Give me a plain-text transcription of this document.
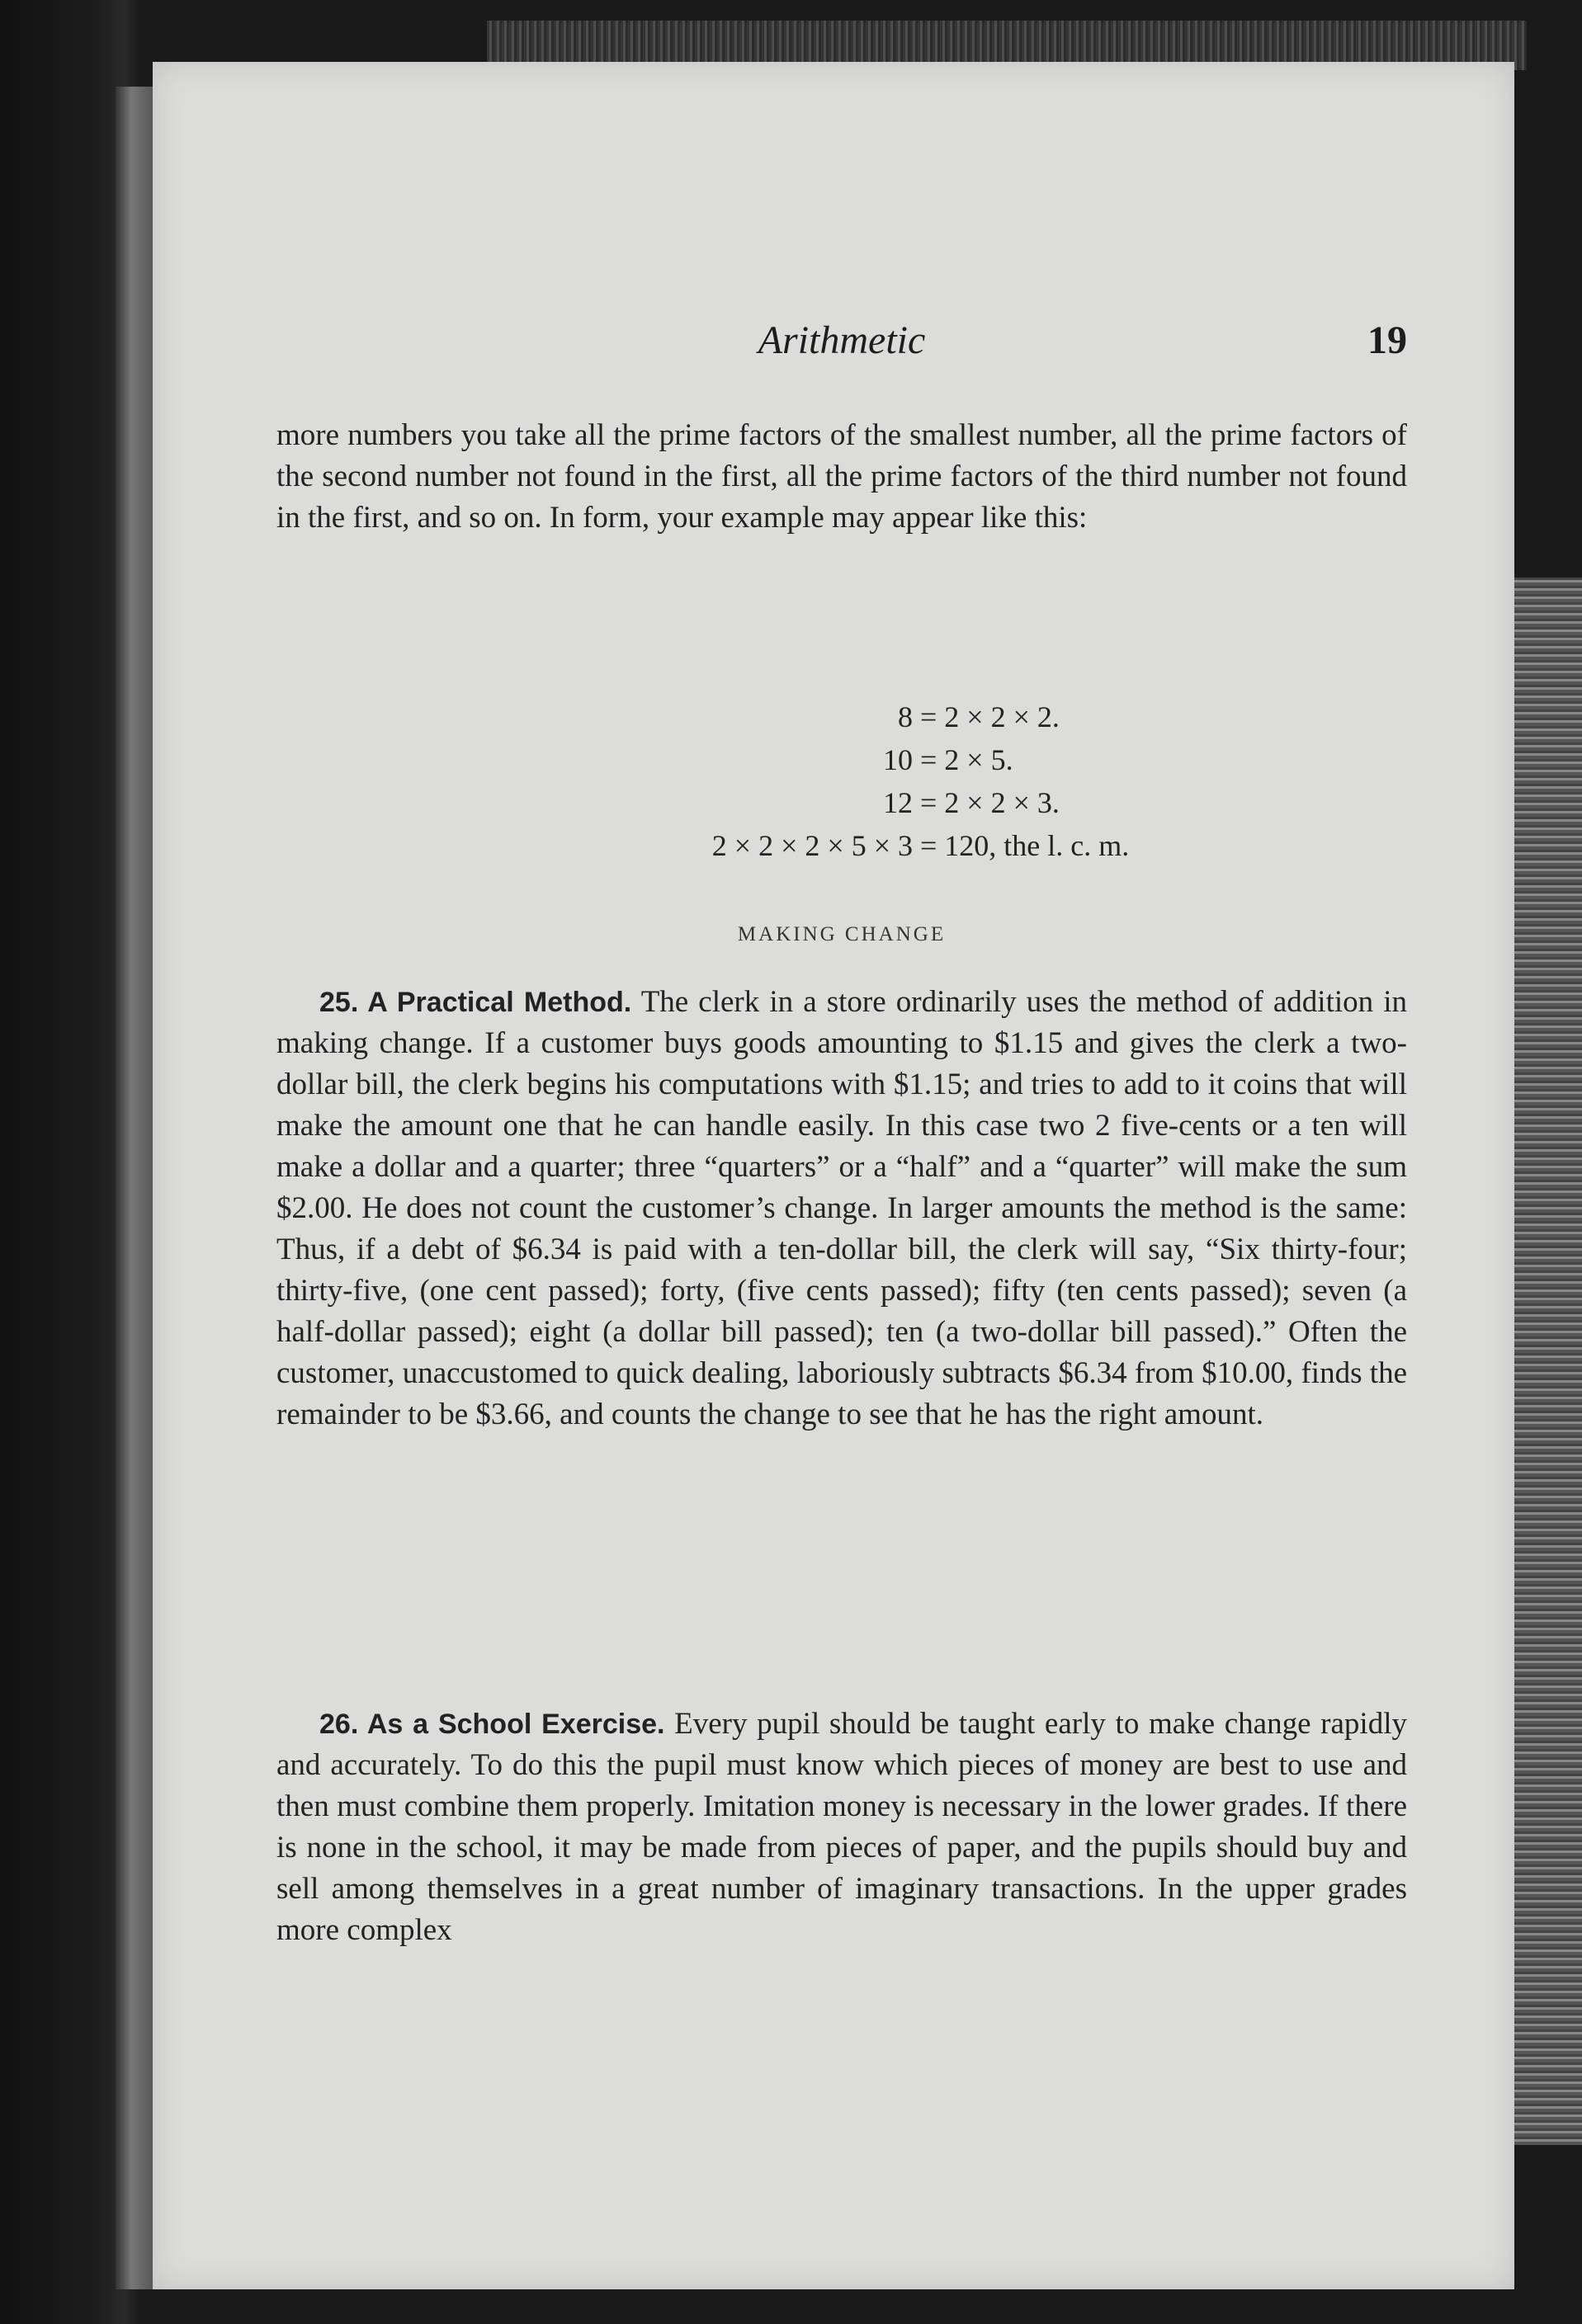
Arithmetic	19
more numbers you take all the prime factors of the smallest number, all the prime factors of the second number not found in the first, all the prime factors of the third number not found in the first, and so on. In form, your example may appear like this:
8 = 2 × 2 × 2.
10 = 2 × 5.
12 = 2 × 2 × 3.
2 × 2 × 2 × 5 × 3 = 120, the l. c. m.
MAKING CHANGE
25. A Practical Method. The clerk in a store ordinarily uses the method of addition in making change. If a customer buys goods amounting to $1.15 and gives the clerk a two-dollar bill, the clerk begins his computations with $1.15; and tries to add to it coins that will make the amount one that he can handle easily. In this case two 2 five-cents or a ten will make a dollar and a quarter; three “quarters” or a “half” and a “quarter” will make the sum $2.00. He does not count the customer’s change. In larger amounts the method is the same: Thus, if a debt of $6.34 is paid with a ten-dollar bill, the clerk will say, “Six thirty-four; thirty-five, (one cent passed); forty, (five cents passed); fifty (ten cents passed); seven (a half-dollar passed); eight (a dollar bill passed); ten (a two-dollar bill passed).” Often the customer, unaccustomed to quick dealing, laboriously subtracts $6.34 from $10.00, finds the remainder to be $3.66, and counts the change to see that he has the right amount.
26. As a School Exercise. Every pupil should be taught early to make change rapidly and accurately. To do this the pupil must know which pieces of money are best to use and then must combine them properly. Imitation money is necessary in the lower grades. If there is none in the school, it may be made from pieces of paper, and the pupils should buy and sell among themselves in a great number of imaginary transactions. In the upper grades more complex
